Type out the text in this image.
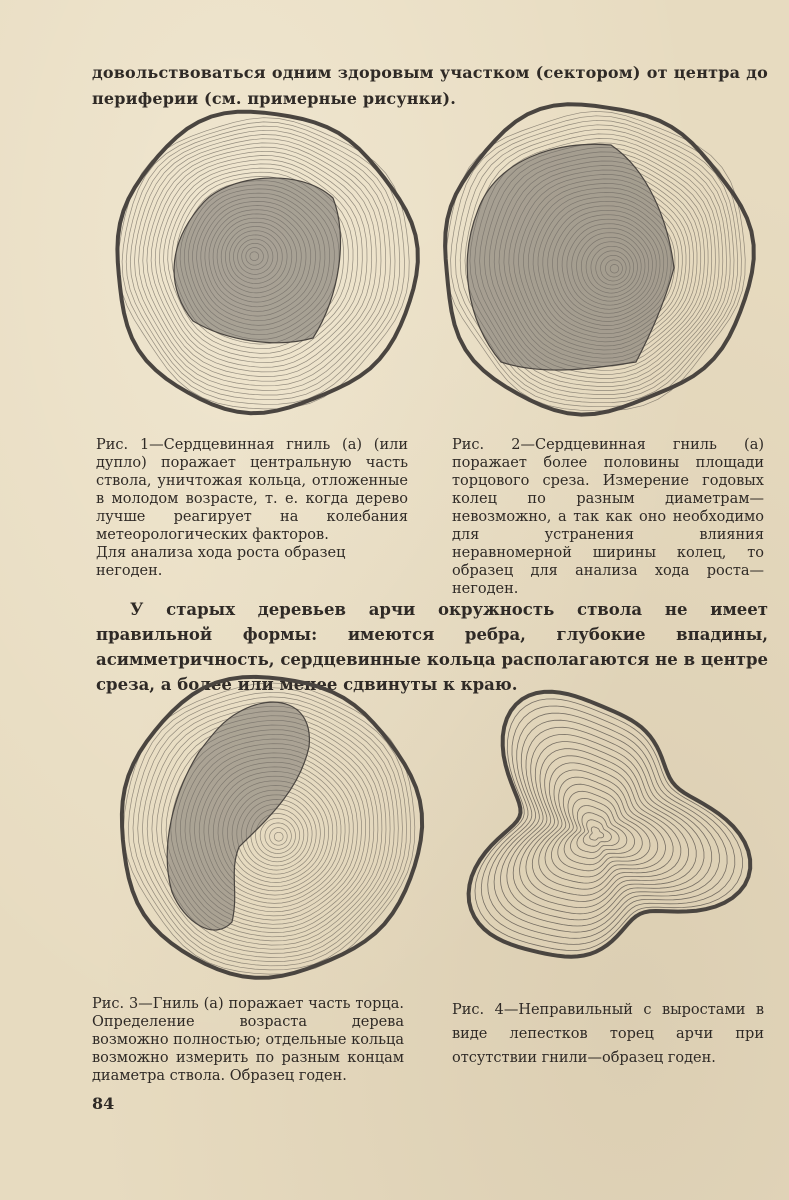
довольствоваться одним здоровым участком (сектором) от центра до периферии (см. примерные рисунки).

Рис. 1—Сердцевинная гниль (а) (или дупло) поражает центральную часть ствола, уничтожая кольца, отложенные в молодом возрасте, т. е. когда дерево лучше реагирует на колебания метеорологических факторов.
Для анализа хода роста образец негоден.
Рис. 2—Сердцевинная гниль (а) поражает более половины площади торцового среза. Измерение годовых колец по разным диаметрам—невозможно, а так как оно необходимо для устранения влияния неравномерной ширины колец, то образец для анализа хода роста—негоден.

У старых деревьев арчи окружность ствола не имеет правильной формы: имеются ребра, глубокие впадины, асимметричность, сердцевинные кольца располагаются не в центре среза, а более или менее сдвинуты к краю.

Рис. 3—Гниль (а) поражает часть торца. Определение возраста дерева возможно полностью; отдельные кольца возможно измерить по разным концам диаметра ствола. Образец годен.
Рис. 4—Неправильный с выростами в виде лепестков торец арчи при отсутствии гнили—образец годен.
84
